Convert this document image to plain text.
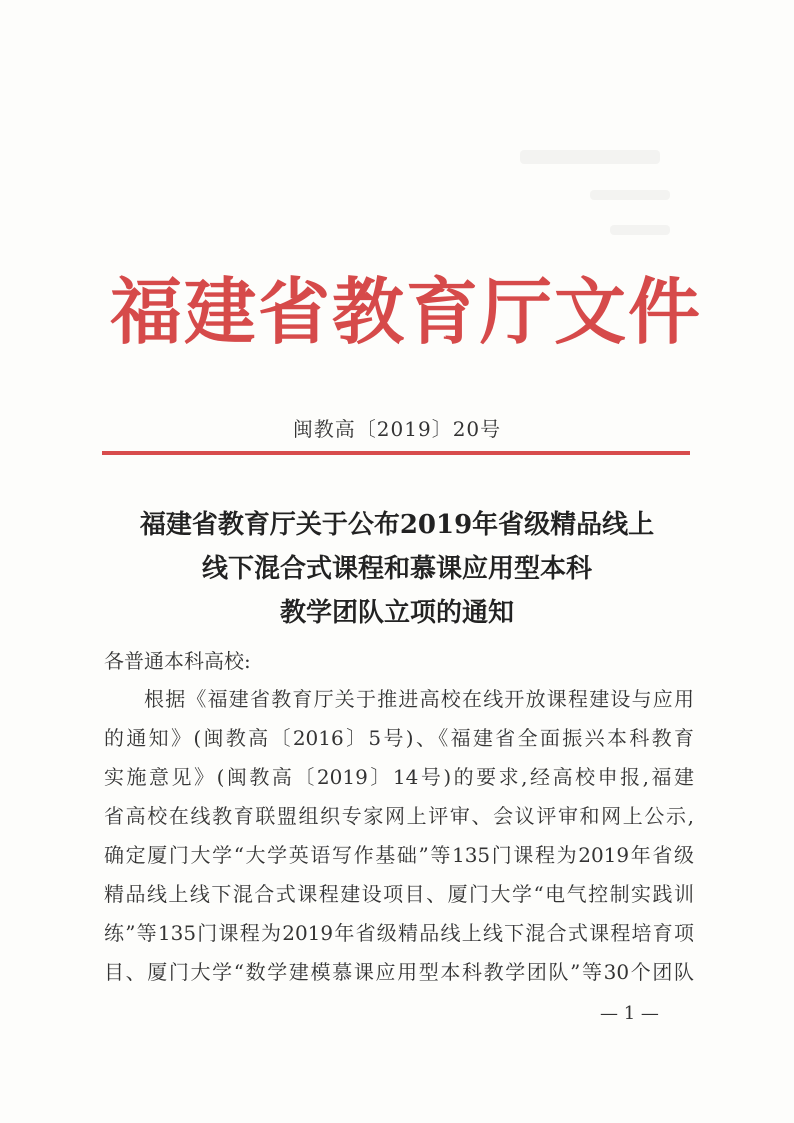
福建省教育厅文件
闽教高〔2019〕20号
福建省教育厅关于公布2019年省级精品线上
线下混合式课程和慕课应用型本科
教学团队立项的通知
各普通本科高校:
根据《福建省教育厅关于推进高校在线开放课程建设与应用
的通知》(闽教高〔2016〕5号)、《福建省全面振兴本科教育
实施意见》(闽教高〔2019〕14号)的要求,经高校申报,福建
省高校在线教育联盟组织专家网上评审、会议评审和网上公示,
确定厦门大学“大学英语写作基础”等135门课程为2019年省级
精品线上线下混合式课程建设项目、厦门大学“电气控制实践训
练”等135门课程为2019年省级精品线上线下混合式课程培育项
目、厦门大学“数学建模慕课应用型本科教学团队”等30个团队
— 1 —
